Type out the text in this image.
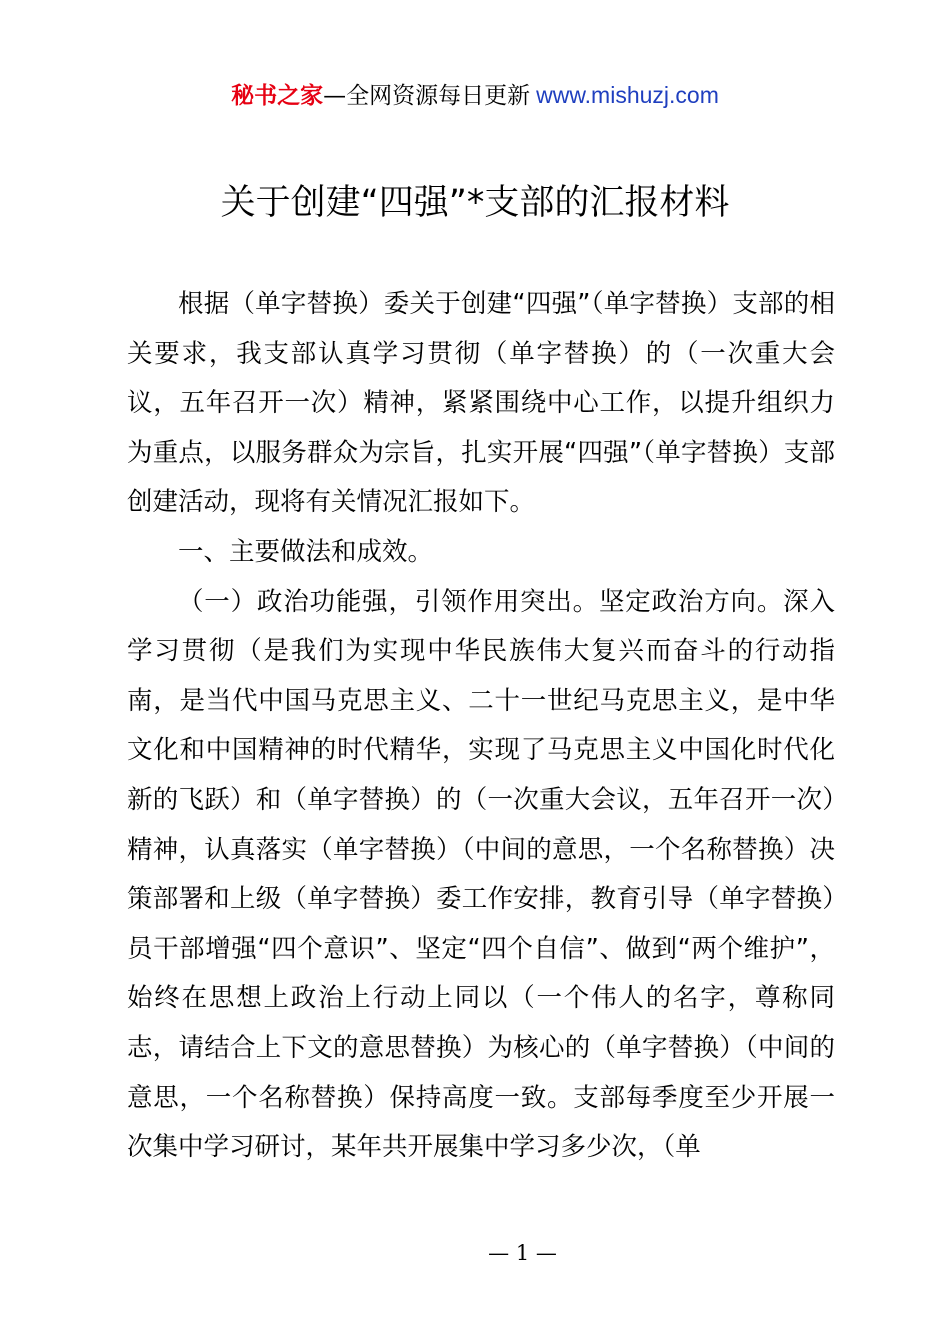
秘书之家—全网资源每日更新 www.mishuzj.com
关于创建“四强”*支部的汇报材料

根据（单字替换）委关于创建“四强”（单字替换）支部的相关要求，我支部认真学习贯彻（单字替换）的（一次重大会议，五年召开一次）精神，紧紧围绕中心工作，以提升组织力为重点，以服务群众为宗旨，扎实开展“四强”（单字替换）支部创建活动，现将有关情况汇报如下。

一、主要做法和成效。

（一）政治功能强，引领作用突出。坚定政治方向。深入学习贯彻（是我们为实现中华民族伟大复兴而奋斗的行动指南，是当代中国马克思主义、二十一世纪马克思主义，是中华文化和中国精神的时代精华，实现了马克思主义中国化时代化新的飞跃）和（单字替换）的（一次重大会议，五年召开一次）精神，认真落实（单字替换）（中间的意思，一个名称替换）决策部署和上级（单字替换）委工作安排，教育引导（单字替换）员干部增强“四个意识”、坚定“四个自信”、做到“两个维护”，始终在思想上政治上行动上同以（一个伟人的名字，尊称同志，请结合上下文的意思替换）为核心的（单字替换）（中间的意思，一个名称替换）保持高度一致。支部每季度至少开展一次集中学习研讨，某年共开展集中学习多少次，（单

— 1 —
